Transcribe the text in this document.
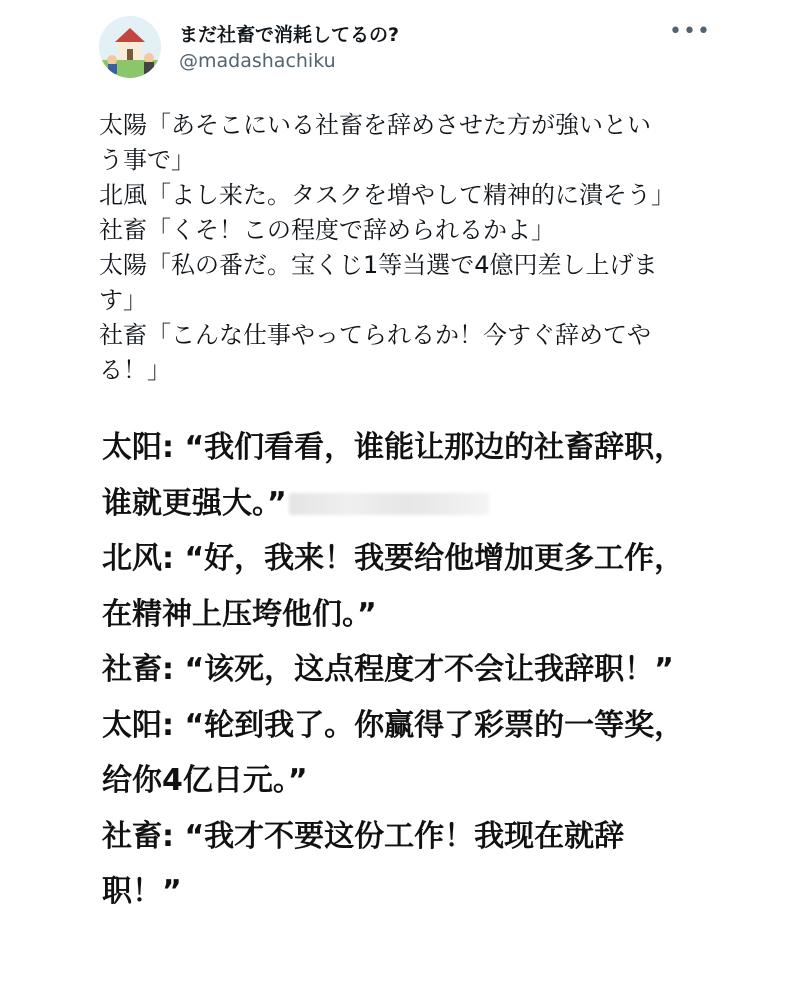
まだ社畜で消耗してるの?
@madashachiku
•••
太陽「あそこにいる社畜を辞めさせた方が強いとい
う事で」
北風「よし来た。タスクを増やして精神的に潰そう」
社畜「くそ！この程度で辞められるかよ」
太陽「私の番だ。宝くじ1等当選で4億円差し上げま
す」
社畜「こんな仕事やってられるか！今すぐ辞めてや
る！」
太阳: “我们看看，谁能让那边的社畜辞职，
谁就更强大。”
北风: “好，我来！我要给他增加更多工作，
在精神上压垮他们。”
社畜: “该死，这点程度才不会让我辞职！”
太阳: “轮到我了。你赢得了彩票的一等奖，
给你4亿日元。”
社畜: “我才不要这份工作！我现在就辞
职！”
